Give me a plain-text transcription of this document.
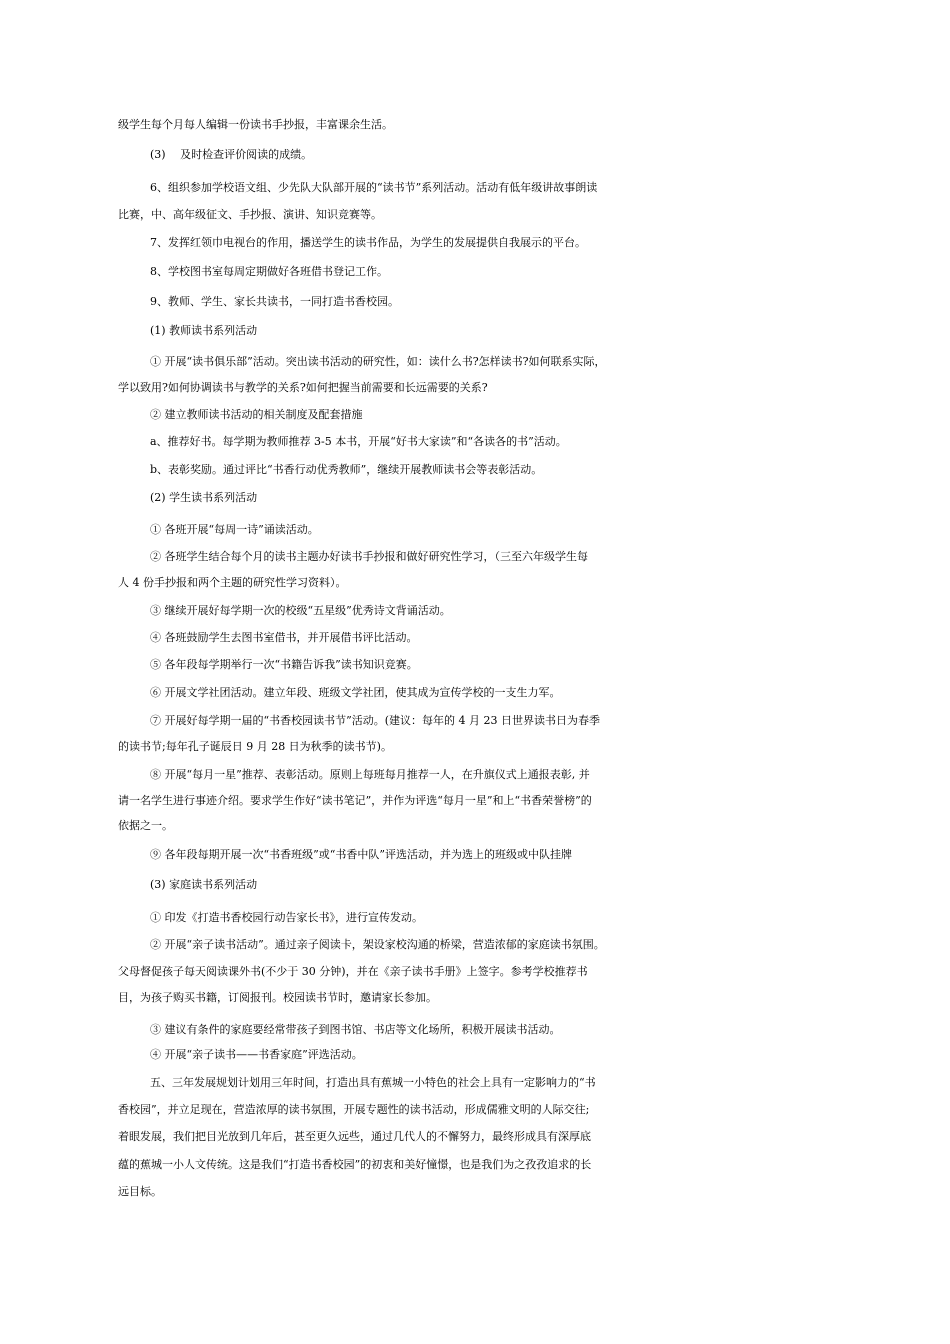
级学生每个月每人编辑一份读书手抄报，丰富课余生活。
(3)　 及时检查评价阅读的成绩。
6、组织参加学校语文组、少先队大队部开展的“读书节”系列活动。活动有低年级讲故事朗读
比赛，中、高年级征文、手抄报、演讲、知识竞赛等。
7、发挥红领巾电视台的作用，播送学生的读书作品，为学生的发展提供自我展示的平台。
8、学校图书室每周定期做好各班借书登记工作。
9、教师、学生、家长共读书，一同打造书香校园。
(1) 教师读书系列活动
① 开展“读书俱乐部”活动。突出读书活动的研究性，如：读什么书?怎样读书?如何联系实际，
学以致用?如何协调读书与教学的关系?如何把握当前需要和长远需要的关系?
② 建立教师读书活动的相关制度及配套措施
a、推荐好书。每学期为教师推荐 3-5 本书，开展“好书大家读”和“各读各的书”活动。
b、表彰奖励。通过评比“书香行动优秀教师”，继续开展教师读书会等表彰活动。
(2) 学生读书系列活动
① 各班开展“每周一诗”诵读活动。
② 各班学生结合每个月的读书主题办好读书手抄报和做好研究性学习，（三至六年级学生每
人 4 份手抄报和两个主题的研究性学习资料）。
③ 继续开展好每学期一次的校级“五星级”优秀诗文背诵活动。
④ 各班鼓励学生去图书室借书，并开展借书评比活动。
⑤ 各年段每学期举行一次“书籍告诉我”读书知识竞赛。
⑥ 开展文学社团活动。建立年段、班级文学社团，使其成为宣传学校的一支生力军。
⑦ 开展好每学期一届的“书香校园读书节”活动。(建议：每年的 4 月 23 日世界读书日为春季
的读书节;每年孔子诞辰日 9 月 28 日为秋季的读书节)。
⑧ 开展“每月一星”推荐、表彰活动。原则上每班每月推荐一人，在升旗仪式上通报表彰, 并
请一名学生进行事迹介绍。要求学生作好“读书笔记”，并作为评选“每月一星”和上“书香荣誉榜”的
依据之一。
⑨ 各年段每期开展一次“书香班级”或“书香中队”评选活动，并为选上的班级或中队挂牌
(3) 家庭读书系列活动
① 印发《打造书香校园行动告家长书》，进行宣传发动。
② 开展“亲子读书活动”。通过亲子阅读卡，架设家校沟通的桥梁，营造浓郁的家庭读书氛围。
父母督促孩子每天阅读课外书(不少于 30 分钟)，并在《亲子读书手册》上签字。参考学校推荐书
目，为孩子购买书籍，订阅报刊。校园读书节时，邀请家长参加。
③ 建议有条件的家庭要经常带孩子到图书馆、书店等文化场所，积极开展读书活动。
④ 开展“亲子读书——书香家庭”评选活动。
五、三年发展规划计划用三年时间，打造出具有蕉城一小特色的社会上具有一定影响力的“书
香校园”，并立足现在，营造浓厚的读书氛围，开展专题性的读书活动，形成儒雅文明的人际交往;
着眼发展，我们把目光放到几年后，甚至更久远些，通过几代人的不懈努力，最终形成具有深厚底
蕴的蕉城一小人文传统。这是我们“打造书香校园”的初衷和美好憧憬，也是我们为之孜孜追求的长
远目标。
